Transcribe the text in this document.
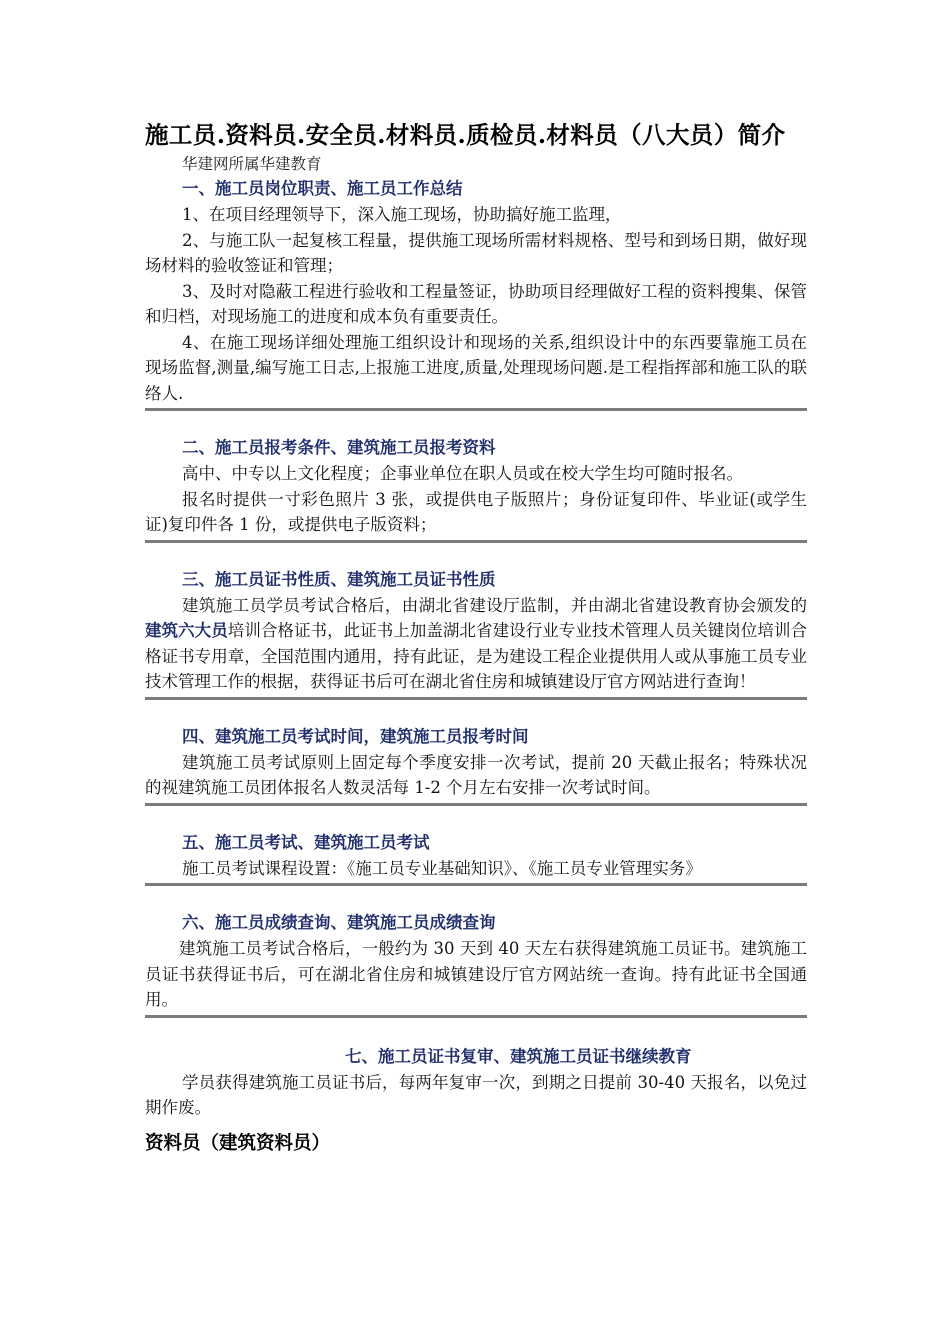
施工员.资料员.安全员.材料员.质检员.材料员（八大员）简介
华建网所属华建教育
一、施工员岗位职责、施工员工作总结

1、在项目经理领导下，深入施工现场，协助搞好施工监理，

2、与施工队一起复核工程量，提供施工现场所需材料规格、型号和到场日期，做好现场材料的验收签证和管理；

3、及时对隐蔽工程进行验收和工程量签证，协助项目经理做好工程的资料搜集、保管和归档，对现场施工的进度和成本负有重要责任。

4、在施工现场详细处理施工组织设计和现场的关系,组织设计中的东西要靠施工员在现场监督,测量,编写施工日志,上报施工进度,质量,处理现场问题.是工程指挥部和施工队的联络人.

二、施工员报考条件、建筑施工员报考资料

高中、中专以上文化程度；企事业单位在职人员或在校大学生均可随时报名。

报名时提供一寸彩色照片 3 张，或提供电子版照片；身份证复印件、毕业证(或学生证)复印件各 1 份，或提供电子版资料；

三、施工员证书性质、建筑施工员证书性质

建筑施工员学员考试合格后，由湖北省建设厅监制，并由湖北省建设教育协会颁发的建筑六大员培训合格证书，此证书上加盖湖北省建设行业专业技术管理人员关键岗位培训合格证书专用章，全国范围内通用，持有此证，是为建设工程企业提供用人或从事施工员专业技术管理工作的根据，获得证书后可在湖北省住房和城镇建设厅官方网站进行查询！

四、建筑施工员考试时间，建筑施工员报考时间

建筑施工员考试原则上固定每个季度安排一次考试，提前 20 天截止报名；特殊状况的视建筑施工员团体报名人数灵活每 1-2 个月左右安排一次考试时间。

五、施工员考试、建筑施工员考试

施工员考试课程设置：《施工员专业基础知识》、《施工员专业管理实务》

六、施工员成绩查询、建筑施工员成绩查询

建筑施工员考试合格后，一般约为 30 天到 40 天左右获得建筑施工员证书。建筑施工员证书获得证书后，可在湖北省住房和城镇建设厅官方网站统一查询。持有此证书全国通用。

七、施工员证书复审、建筑施工员证书继续教育

学员获得建筑施工员证书后，每两年复审一次，到期之日提前 30-40 天报名，以免过期作废。

资料员（建筑资料员）
